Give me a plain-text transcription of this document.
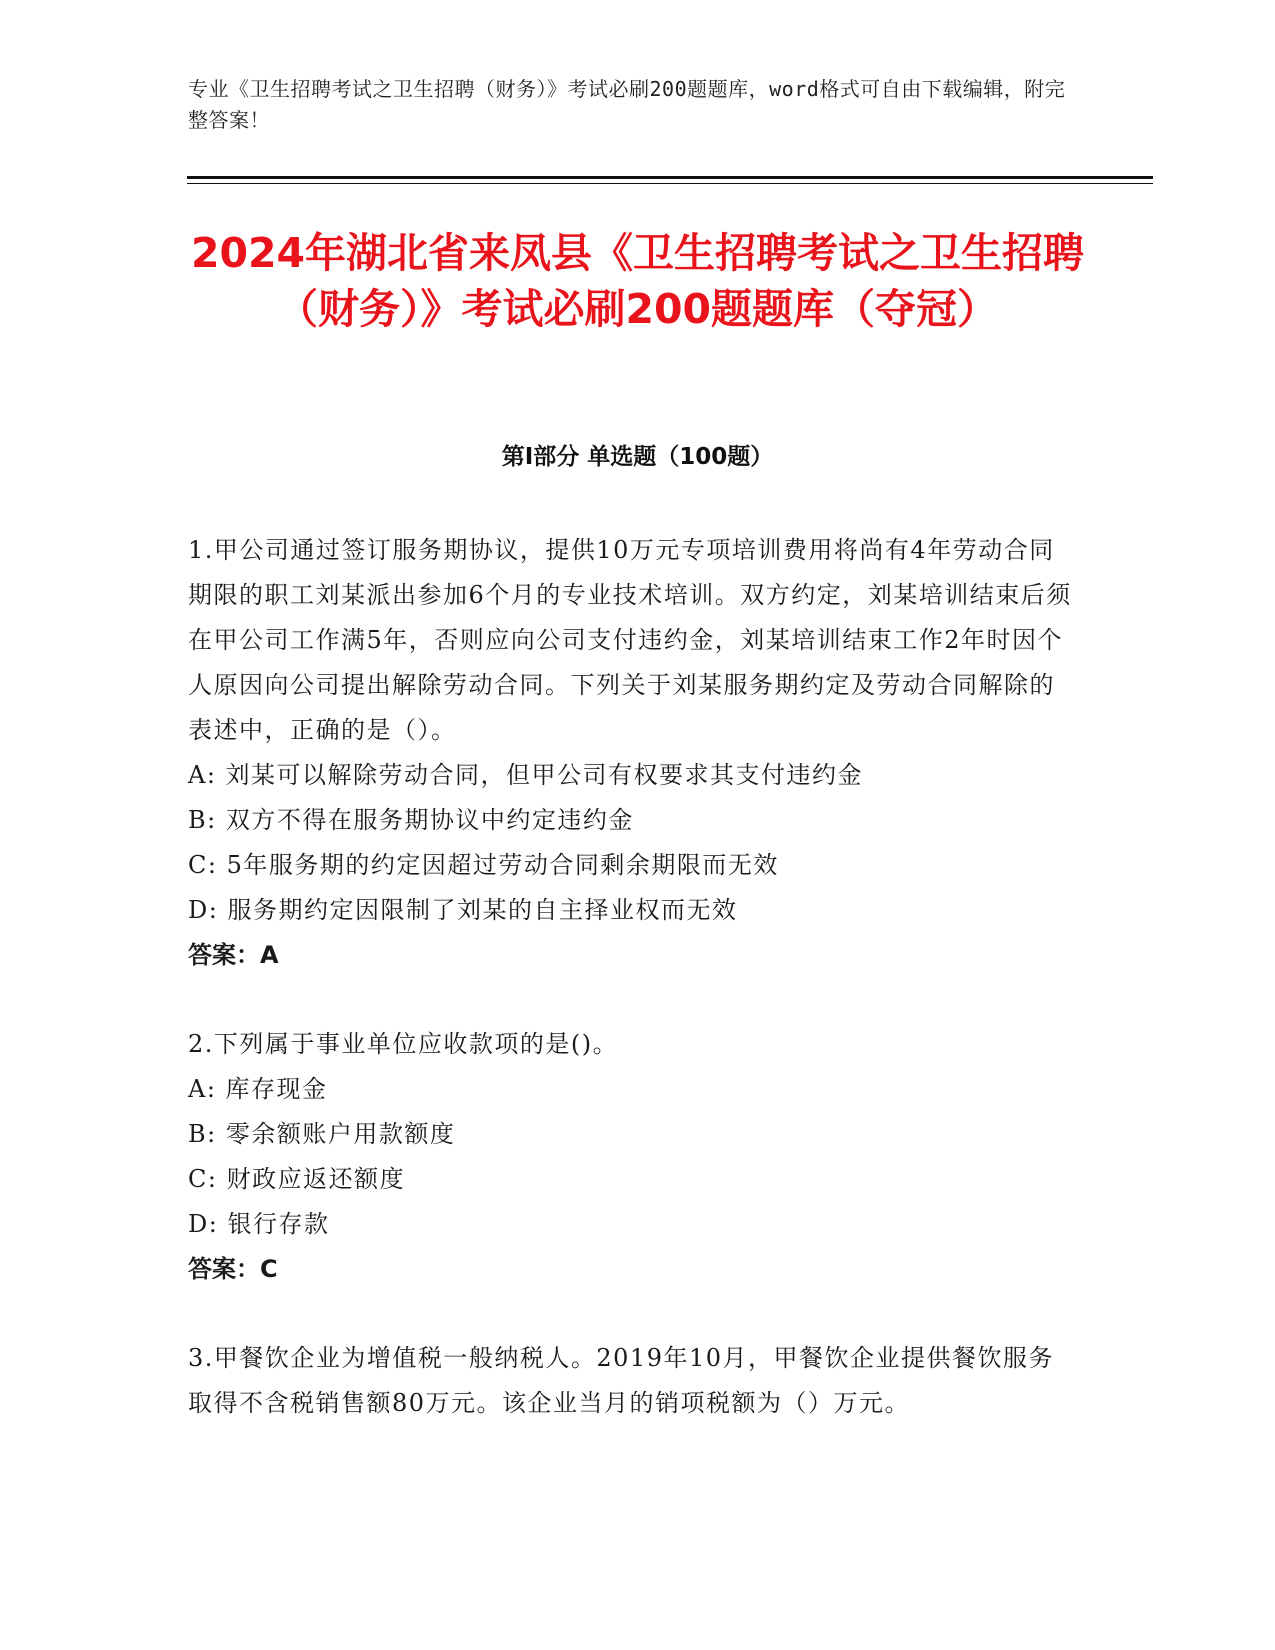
专业《卫生招聘考试之卫生招聘（财务）》考试必刷200题题库，word格式可自由下载编辑，附完整答案！
2024年湖北省来凤县《卫生招聘考试之卫生招聘（财务）》考试必刷200题题库（夺冠）
第I部分 单选题（100题）

1.甲公司通过签订服务期协议，提供10万元专项培训费用将尚有4年劳动合同期限的职工刘某派出参加6个月的专业技术培训。双方约定，刘某培训结束后须在甲公司工作满5年，否则应向公司支付违约金，刘某培训结束工作2年时因个人原因向公司提出解除劳动合同。下列关于刘某服务期约定及劳动合同解除的表述中，正确的是（）。

A: 刘某可以解除劳动合同，但甲公司有权要求其支付违约金

B: 双方不得在服务期协议中约定违约金

C: 5年服务期的约定因超过劳动合同剩余期限而无效

D: 服务期约定因限制了刘某的自主择业权而无效

答案：A

2.下列属于事业单位应收款项的是()。

A: 库存现金

B: 零余额账户用款额度

C: 财政应返还额度

D: 银行存款

答案：C

3.甲餐饮企业为增值税一般纳税人。2019年10月，甲餐饮企业提供餐饮服务取得不含税销售额80万元。该企业当月的销项税额为（）万元。
